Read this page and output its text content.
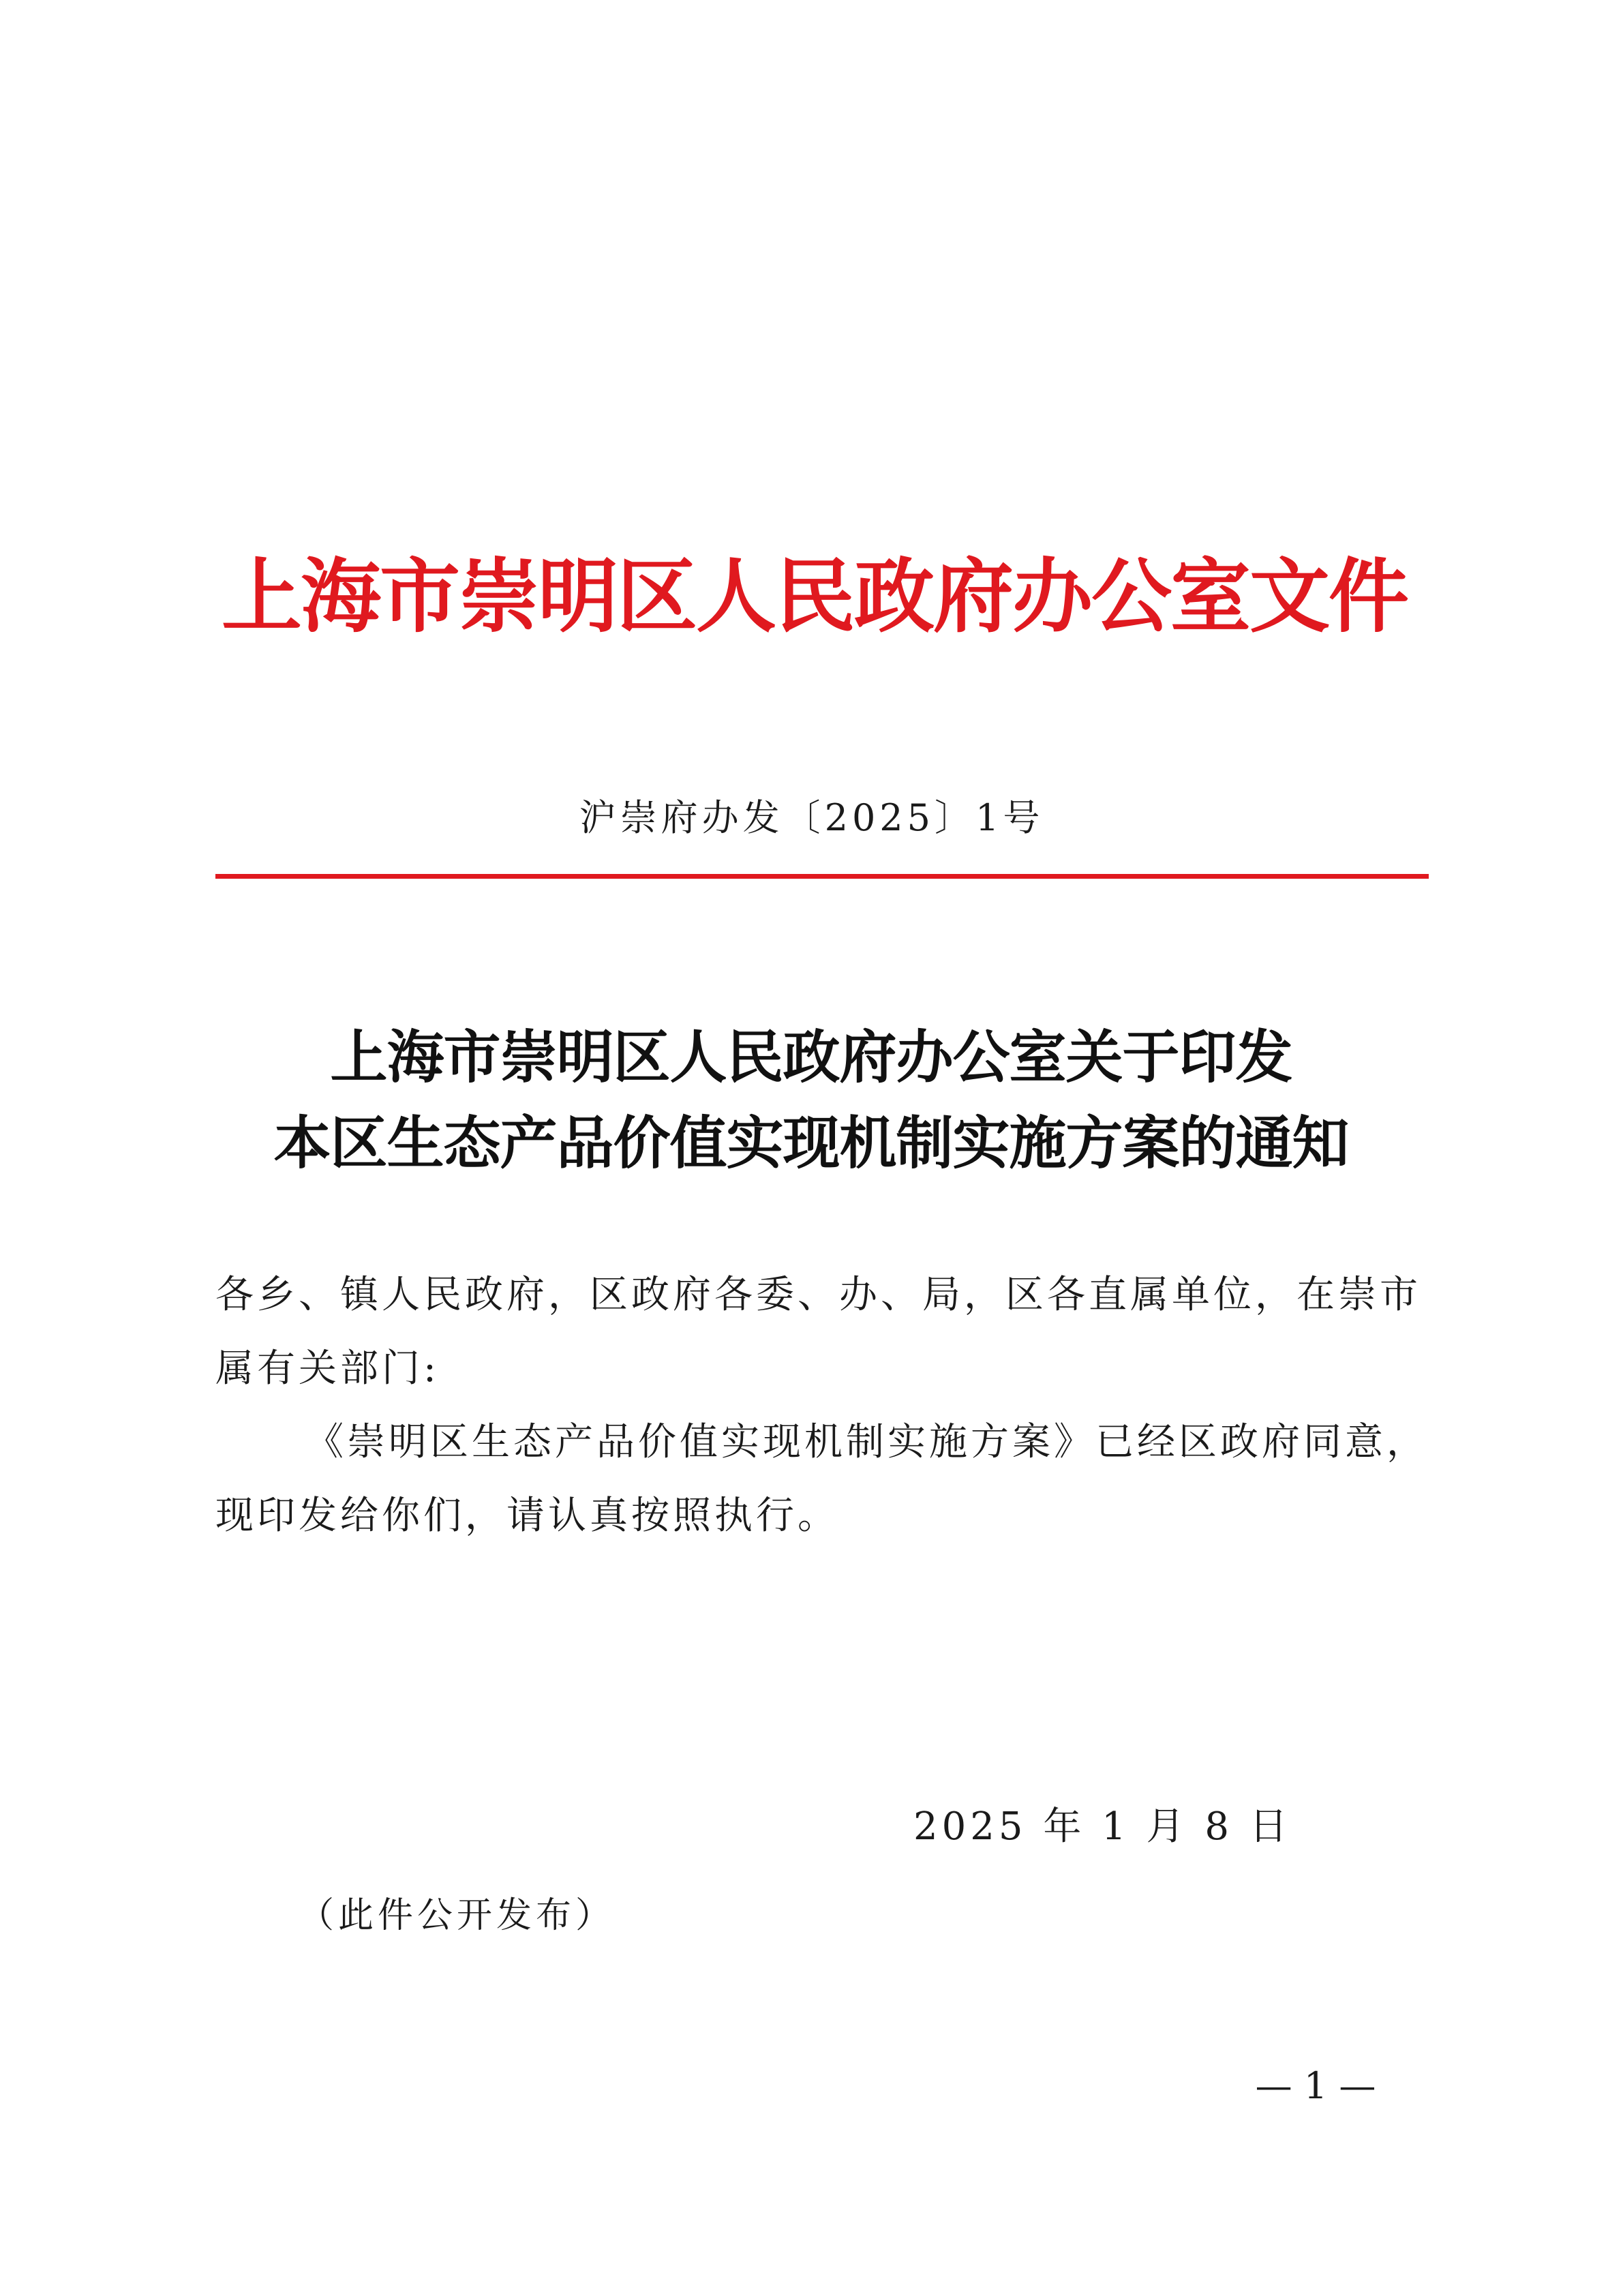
上海市崇明区人民政府办公室文件
沪崇府办发〔2025〕1号
上海市崇明区人民政府办公室关于印发
本区生态产品价值实现机制实施方案的通知
各乡、镇人民政府，区政府各委、办、局，区各直属单位，在崇市属有关部门:
《崇明区生态产品价值实现机制实施方案》已经区政府同意，现印发给你们，请认真按照执行。
2025 年 1 月 8 日
（此件公开发布）
— 1 —
